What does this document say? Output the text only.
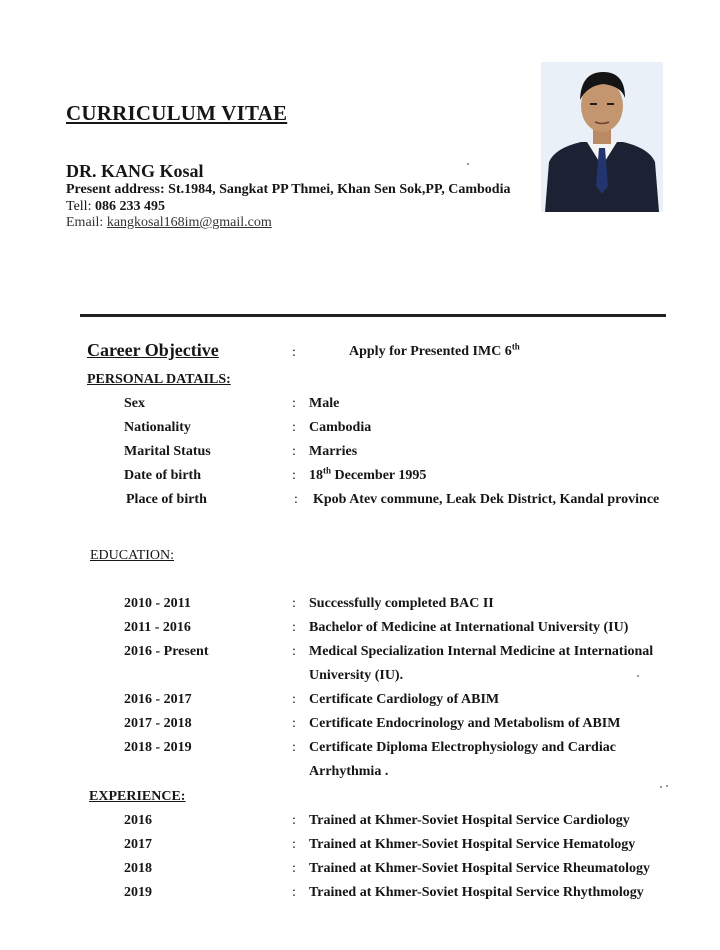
CURRICULUM VITAE
DR. KANG Kosal
Present address: St.1984, Sangkat PP Thmei, Khan Sen Sok,PP, Cambodia
Tell: 086 233 495
Email: kangkosal168im@gmail.com
Career Objective	:	Apply for Presented IMC 6th
PERSONAL DATAILS:
Sex	: Male
Nationality	: Cambodia
Marital Status	: Marries
Date of birth	: 18th December 1995
Place of birth	: Kpob Atev commune, Leak Dek District, Kandal province
EDUCATION:
2010 - 2011	: Successfully completed BAC II
2011 - 2016	: Bachelor of Medicine at International University (IU)
2016 - Present	: Medical Specialization Internal Medicine at International University (IU).
2016 - 2017	: Certificate Cardiology of ABIM
2017 - 2018	: Certificate Endocrinology and Metabolism of ABIM
2018 - 2019	: Certificate Diploma Electrophysiology and Cardiac Arrhythmia .
EXPERIENCE:
2016	: Trained at Khmer-Soviet Hospital Service Cardiology
2017	: Trained at Khmer-Soviet Hospital Service Hematology
2018	: Trained at Khmer-Soviet Hospital Service Rheumatology
2019	: Trained at Khmer-Soviet Hospital Service Rhythmology
